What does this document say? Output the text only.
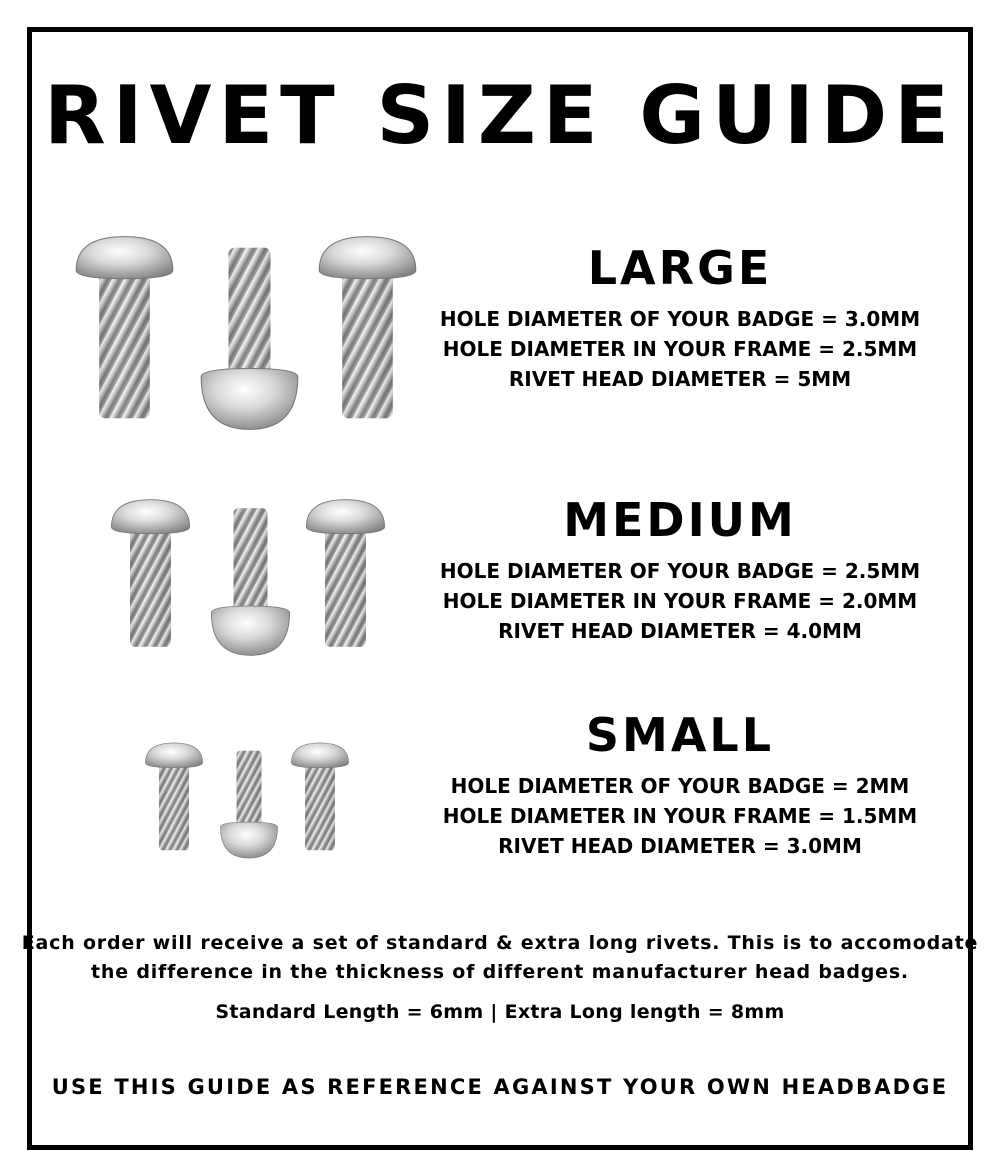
RIVET SIZE GUIDE
LARGE
HOLE DIAMETER OF YOUR BADGE = 3.0MM
HOLE DIAMETER IN YOUR FRAME = 2.5MM
RIVET HEAD DIAMETER = 5MM
MEDIUM
HOLE DIAMETER OF YOUR BADGE = 2.5MM
HOLE DIAMETER IN YOUR FRAME = 2.0MM
RIVET HEAD DIAMETER = 4.0MM
SMALL
HOLE DIAMETER OF YOUR BADGE = 2MM
HOLE DIAMETER IN YOUR FRAME = 1.5MM
RIVET HEAD DIAMETER = 3.0MM
Each order will receive a set of standard & extra long rivets. This is to accomodate
the difference in the thickness of different manufacturer head badges.
Standard Length = 6mm | Extra Long length = 8mm
USE THIS GUIDE AS REFERENCE AGAINST YOUR OWN HEADBADGE
